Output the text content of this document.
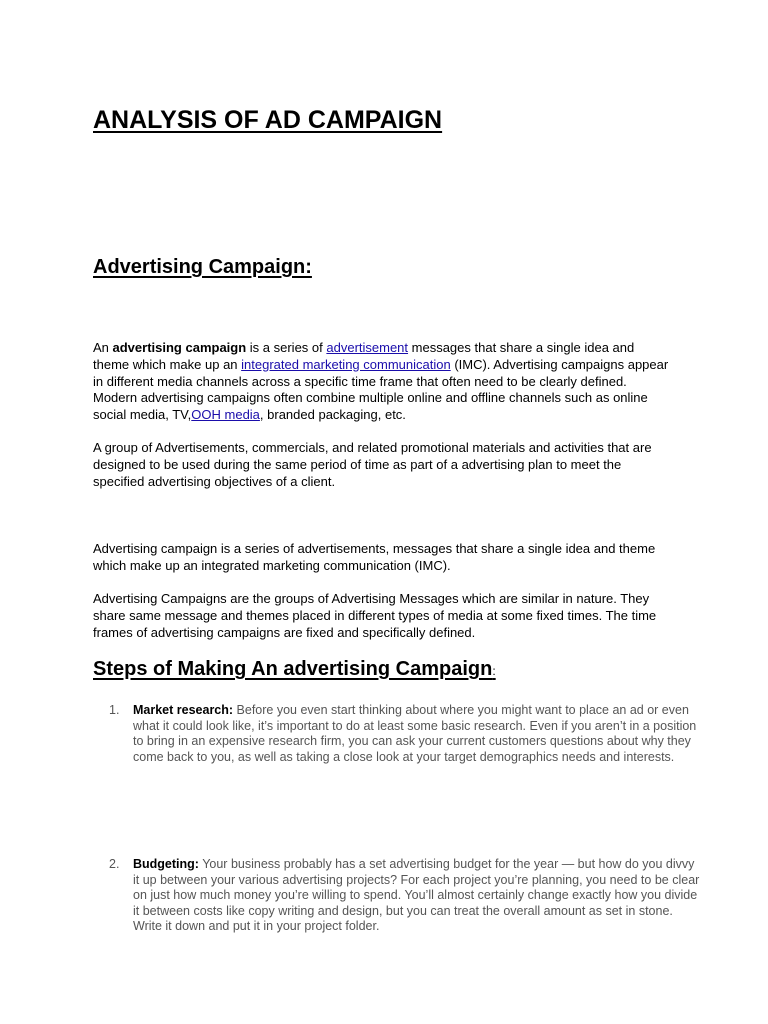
ANALYSIS OF AD CAMPAIGN
Advertising Campaign:
An advertising campaign is a series of advertisement messages that share a single idea and theme which make up an integrated marketing communication (IMC). Advertising campaigns appear in different media channels across a specific time frame that often need to be clearly defined. Modern advertising campaigns often combine multiple online and offline channels such as online social media, TV,OOH media, branded packaging, etc.
A group of Advertisements, commercials, and related promotional materials and activities that are designed to be used during the same period of time as part of a advertising plan to meet the specified advertising objectives of a client.
Advertising campaign is a series of advertisements, messages that share a single idea and theme which make up an integrated marketing communication (IMC).
Advertising Campaigns are the groups of Advertising Messages which are similar in nature. They share same message and themes placed in different types of media at some fixed times. The time frames of advertising campaigns are fixed and specifically defined.
Steps of Making An advertising Campaign:
1. Market research: Before you even start thinking about where you might want to place an ad or even what it could look like, it’s important to do at least some basic research. Even if you aren’t in a position to bring in an expensive research firm, you can ask your current customers questions about why they come back to you, as well as taking a close look at your target demographics needs and interests.
2. Budgeting: Your business probably has a set advertising budget for the year — but how do you divvy it up between your various advertising projects? For each project you’re planning, you need to be clear on just how much money you’re willing to spend. You’ll almost certainly change exactly how you divide it between costs like copy writing and design, but you can treat the overall amount as set in stone. Write it down and put it in your project folder.
